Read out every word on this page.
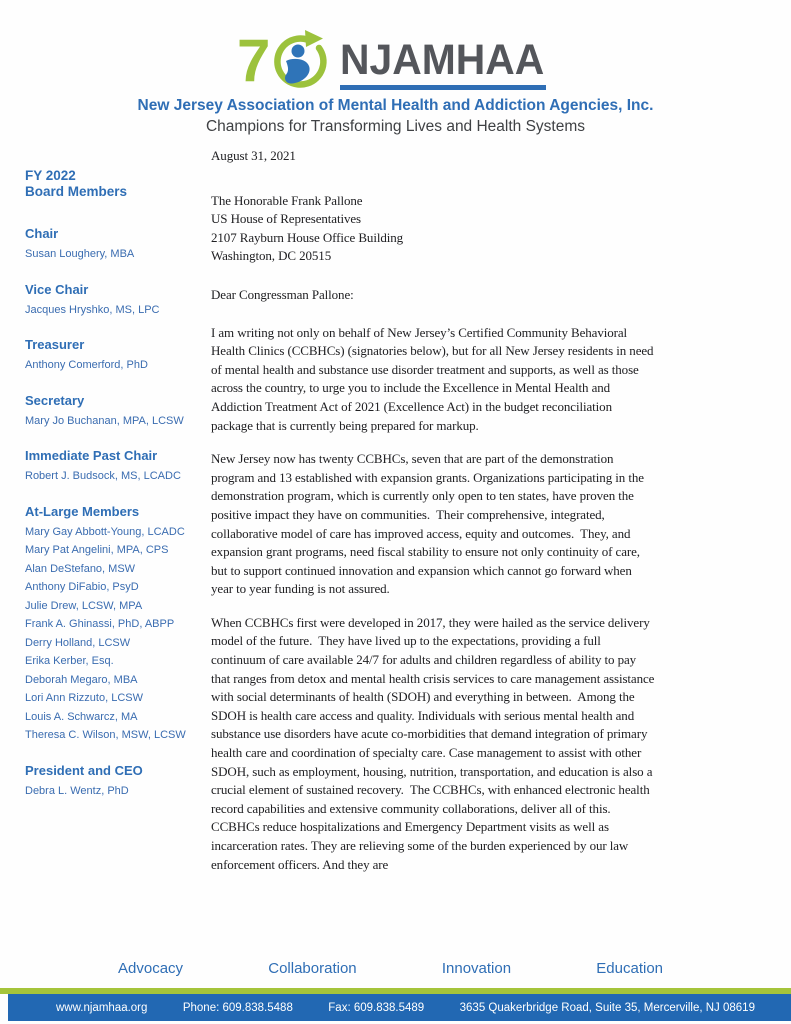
7 NJAMHAA
New Jersey Association of Mental Health and Addiction Agencies, Inc.
Champions for Transforming Lives and Health Systems
FY 2022
Board Members
Chair
Susan Loughery, MBA
Vice Chair
Jacques Hryshko, MS, LPC
Treasurer
Anthony Comerford, PhD
Secretary
Mary Jo Buchanan, MPA, LCSW
Immediate Past Chair
Robert J. Budsock, MS, LCADC
At-Large Members
Mary Gay Abbott-Young, LCADC
Mary Pat Angelini, MPA, CPS
Alan DeStefano, MSW
Anthony DiFabio, PsyD
Julie Drew, LCSW, MPA
Frank A. Ghinassi, PhD, ABPP
Derry Holland, LCSW
Erika Kerber, Esq.
Deborah Megaro, MBA
Lori Ann Rizzuto, LCSW
Louis A. Schwarcz, MA
Theresa C. Wilson, MSW, LCSW
President and CEO
Debra L. Wentz, PhD
August 31, 2021
The Honorable Frank Pallone
US House of Representatives
2107 Rayburn House Office Building
Washington, DC 20515
Dear Congressman Pallone:
I am writing not only on behalf of New Jersey’s Certified Community Behavioral Health Clinics (CCBHCs) (signatories below), but for all New Jersey residents in need of mental health and substance use disorder treatment and supports, as well as those across the country, to urge you to include the Excellence in Mental Health and Addiction Treatment Act of 2021 (Excellence Act) in the budget reconciliation package that is currently being prepared for markup.
New Jersey now has twenty CCBHCs, seven that are part of the demonstration program and 13 established with expansion grants. Organizations participating in the demonstration program, which is currently only open to ten states, have proven the positive impact they have on communities.  Their comprehensive, integrated, collaborative model of care has improved access, equity and outcomes.  They, and expansion grant programs, need fiscal stability to ensure not only continuity of care, but to support continued innovation and expansion which cannot go forward when year to year funding is not assured.
When CCBHCs first were developed in 2017, they were hailed as the service delivery model of the future.  They have lived up to the expectations, providing a full continuum of care available 24/7 for adults and children regardless of ability to pay that ranges from detox and mental health crisis services to care management assistance with social determinants of health (SDOH) and everything in between.  Among the SDOH is health care access and quality. Individuals with serious mental health and substance use disorders have acute co-morbidities that demand integration of primary health care and coordination of specialty care. Case management to assist with other SDOH, such as employment, housing, nutrition, transportation, and education is also a crucial element of sustained recovery.  The CCBHCs, with enhanced electronic health record capabilities and extensive community collaborations, deliver all of this.  CCBHCs reduce hospitalizations and Emergency Department visits as well as incarceration rates. They are relieving some of the burden experienced by our law enforcement officers. And they are
Advocacy	Collaboration	Innovation	Education
www.njamhaa.org	Phone: 609.838.5488	Fax: 609.838.5489	3635 Quakerbridge Road, Suite 35, Mercerville, NJ 08619
